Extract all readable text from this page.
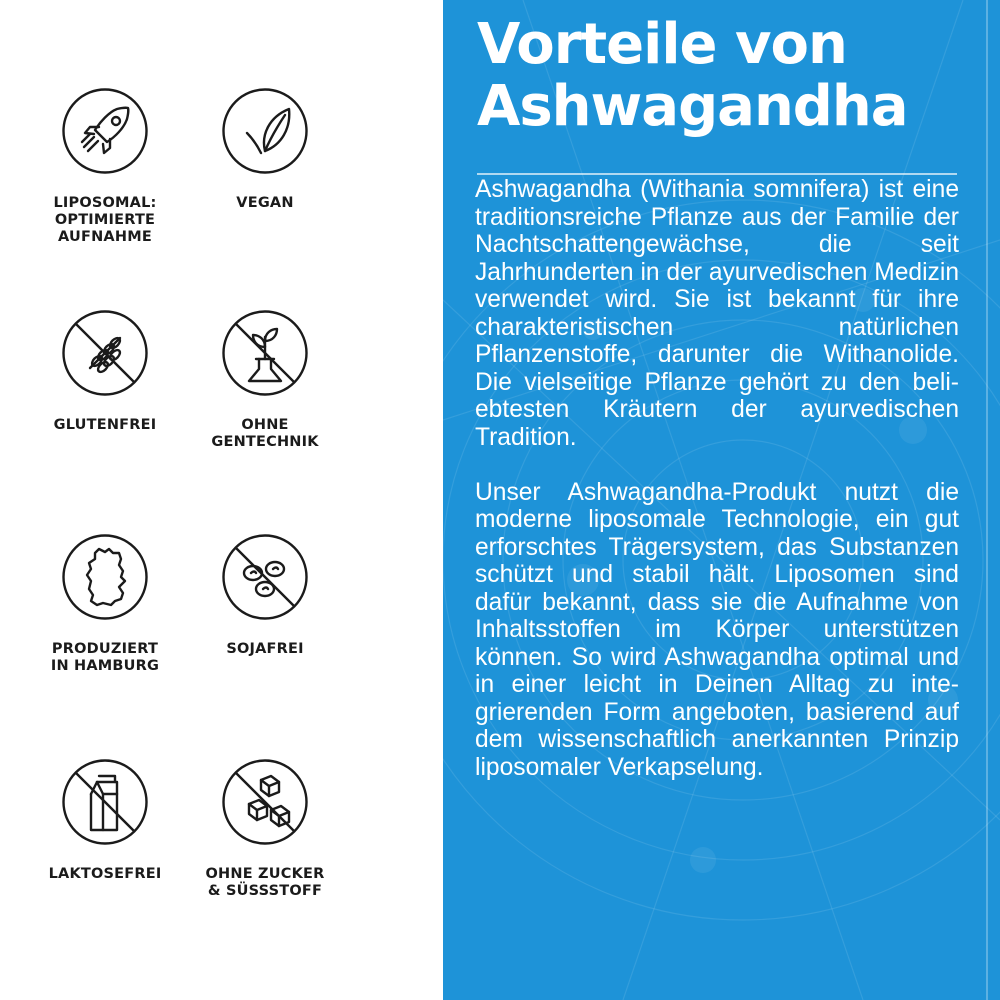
LIPOSOMAL:
OPTIMIERTE
AUFNAHME
VEGAN
GLUTENFREI	OHNE
GENTECHNIK
PRODUZIERT
IN HAMBURG
SOJAFREI
LAKTOSEFREI	OHNE ZUCKER
& SÜSSSTOFF
Vorteile von
Ashwagandha

Ashwagandha (Withania somnifera) ist eine traditionsreiche Pflanze aus der Familie der Nachtschattengewächse, die seit Jahrhunderten in der ayurvedischen Medizin verwendet wird. Sie ist bekannt für ihre charakteristischen natürlichen Pflanzenstoffe, darunter die Withanolide. Die vielseitige Pflanze gehört zu den beliebtesten Kräutern der ayurvedischen Tradition.

Unser Ashwagandha-Produkt nutzt die moderne liposomale Technologie, ein gut erforschtes Trägersystem, das Substanzen schützt und stabil hält. Liposomen sind dafür bekannt, dass sie die Aufnahme von Inhaltsstoffen im Körper unterstützen können. So wird Ashwagandha optimal und in einer leicht in Deinen Alltag zu integrierenden Form angeboten, basierend auf dem wissenschaftlich anerkannten Prinzip liposomaler Verkapselung.
